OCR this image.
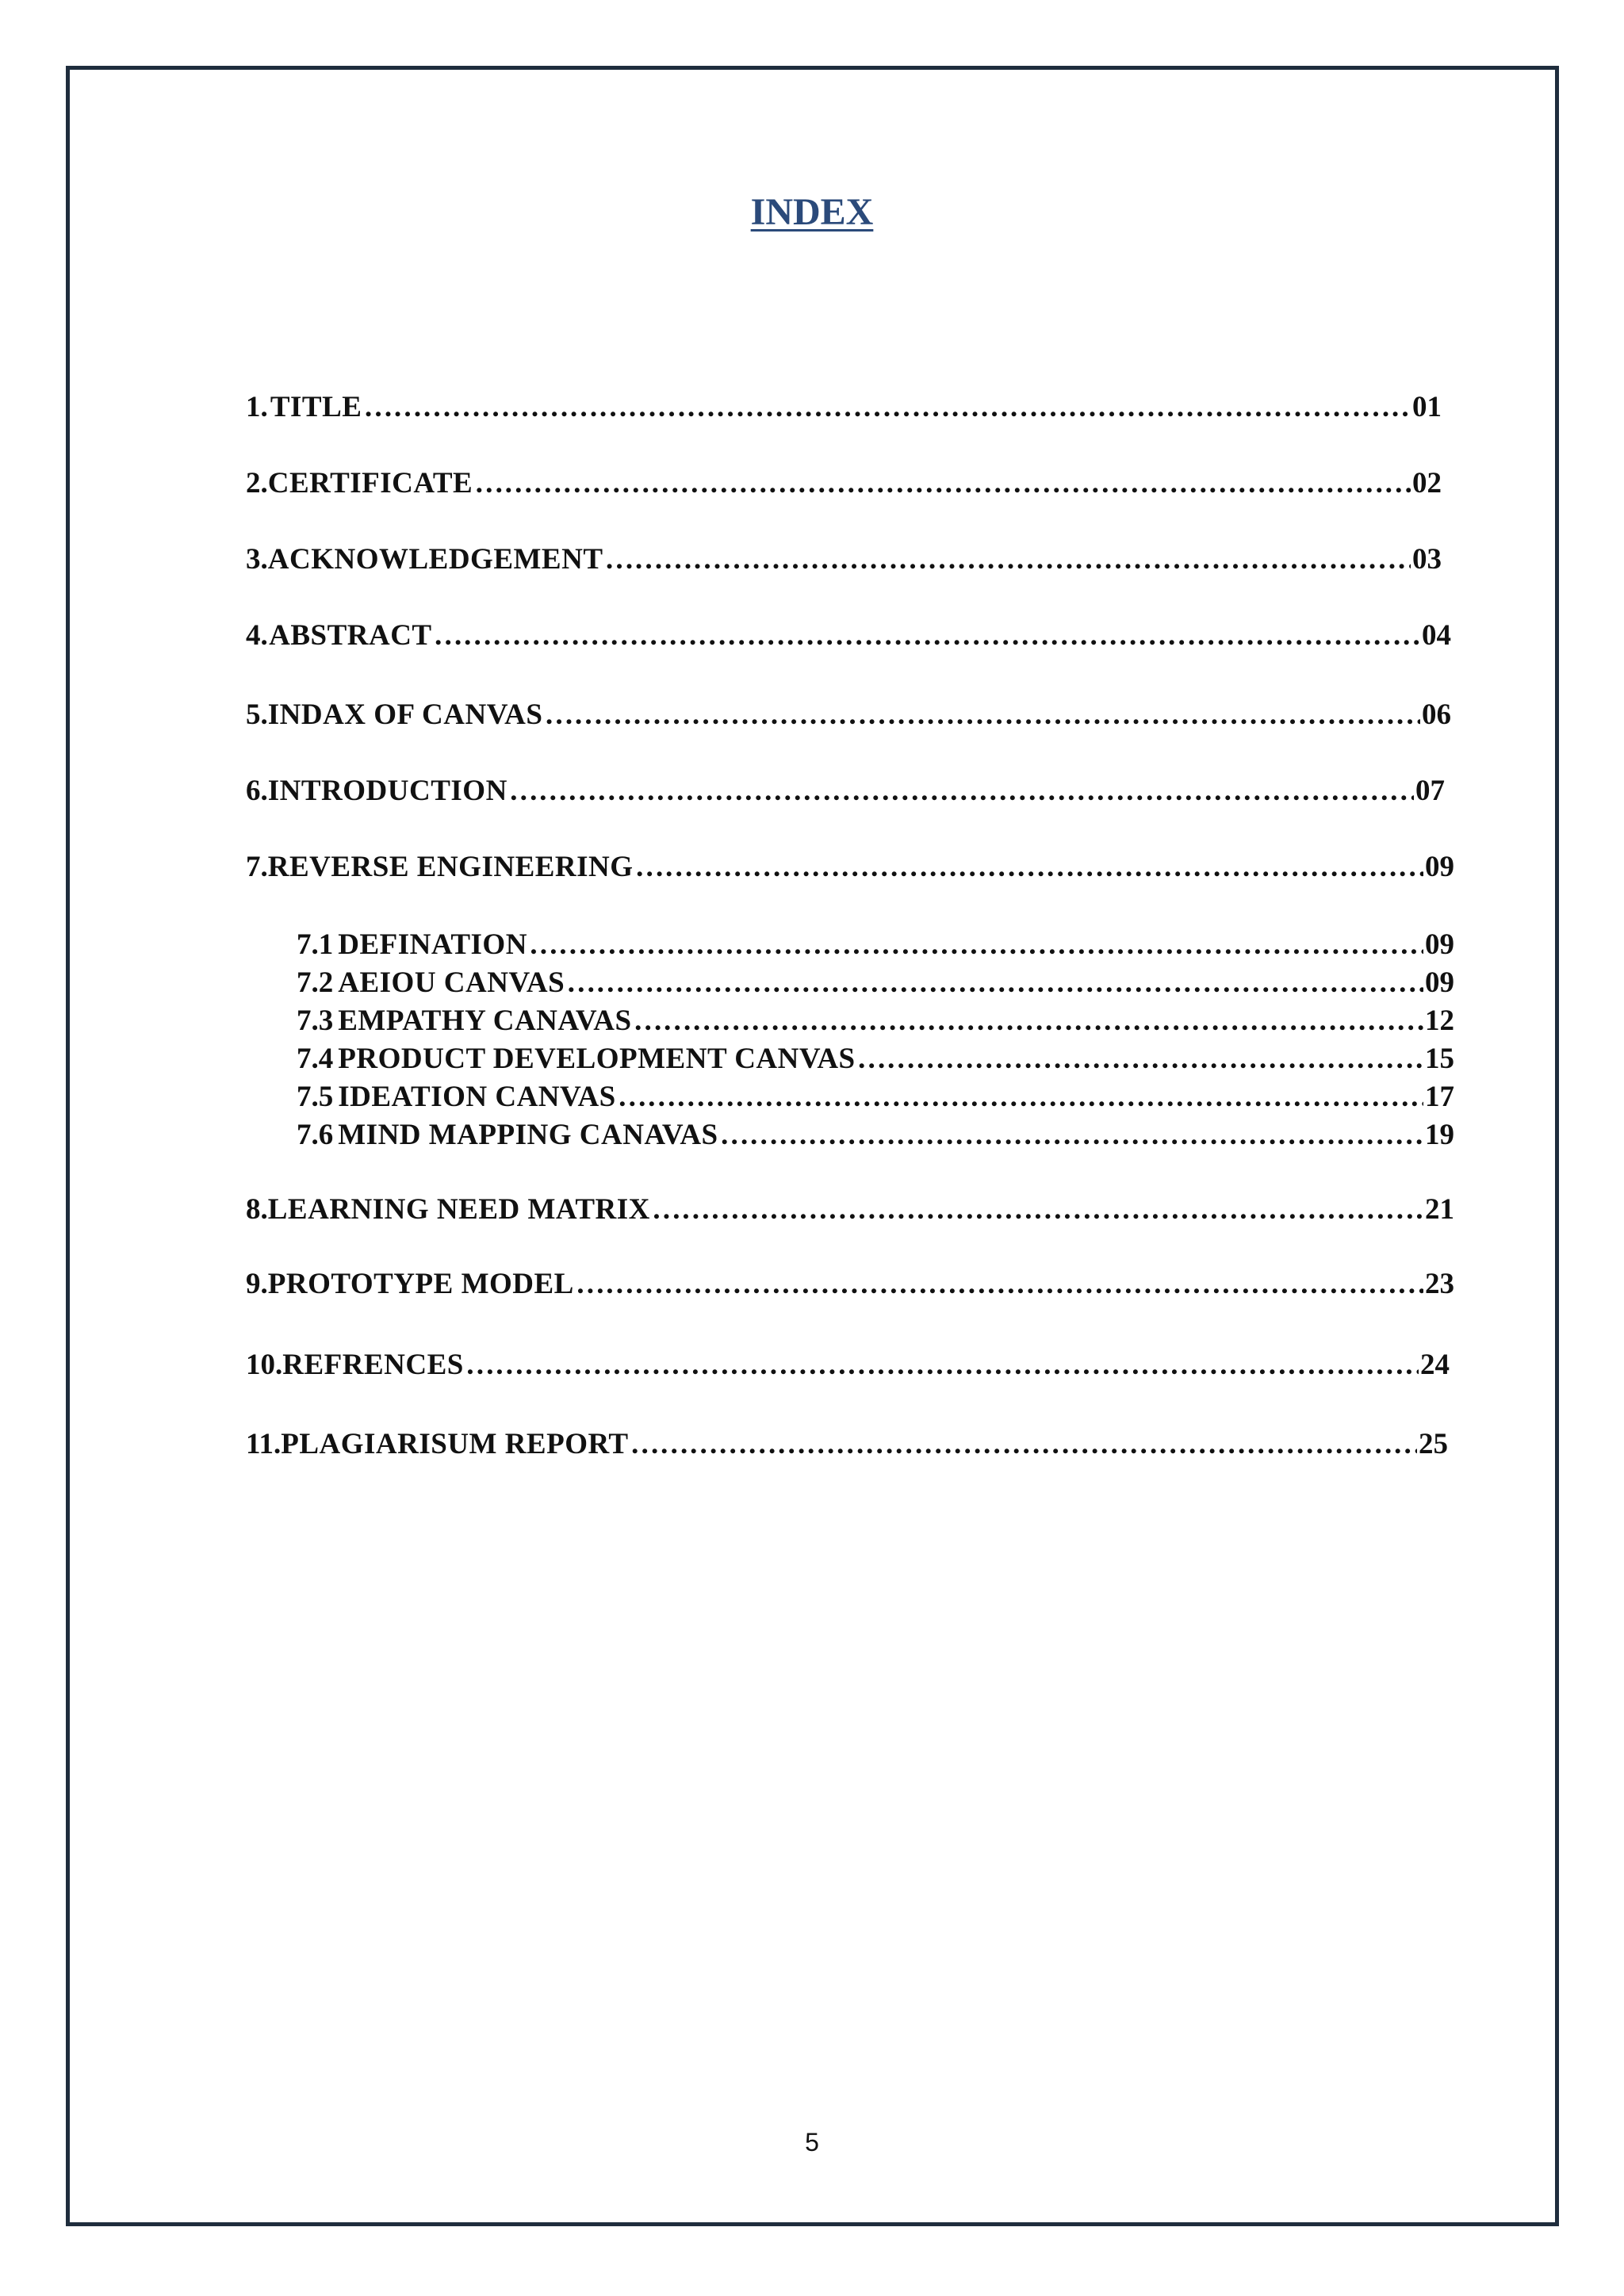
INDEX
1. TITLE ……………………………………………………………………………………………………………………………………………………………………………………………………	01
2. CERTIFICATE ……………………………………………………………………………………………………………………………………………………………………………………………………	02
3. ACKNOWLEDGEMENT ……………………………………………………………………………………………………………………………………………………………………………………………………	03
4. ABSTRACT ……………………………………………………………………………………………………………………………………………………………………………………………………	04
5. INDAX OF CANVAS ……………………………………………………………………………………………………………………………………………………………………………………………………	06
6. INTRODUCTION ……………………………………………………………………………………………………………………………………………………………………………………………………	07
7. REVERSE ENGINEERING ……………………………………………………………………………………………………………………………………………………………………………………………………	09
7.1 DEFINATION ……………………………………………………………………………………………………………………………………………………………………………………………………	09
7.2 AEIOU CANVAS ……………………………………………………………………………………………………………………………………………………………………………………………………	09
7.3 EMPATHY CANAVAS ……………………………………………………………………………………………………………………………………………………………………………………………………	12
7.4 PRODUCT DEVELOPMENT CANVAS ……………………………………………………………………………………………………………………………………………………………………………………………………	15
7.5 IDEATION CANVAS ……………………………………………………………………………………………………………………………………………………………………………………………………	17
7.6 MIND MAPPING CANAVAS ……………………………………………………………………………………………………………………………………………………………………………………………………	19
8. LEARNING NEED MATRIX ……………………………………………………………………………………………………………………………………………………………………………………………………	21
9. PROTOTYPE MODEL ……………………………………………………………………………………………………………………………………………………………………………………………………	23
10. REFRENCES ……………………………………………………………………………………………………………………………………………………………………………………………………	24
11. PLAGIARISUM REPORT ……………………………………………………………………………………………………………………………………………………………………………………………………	25
5
